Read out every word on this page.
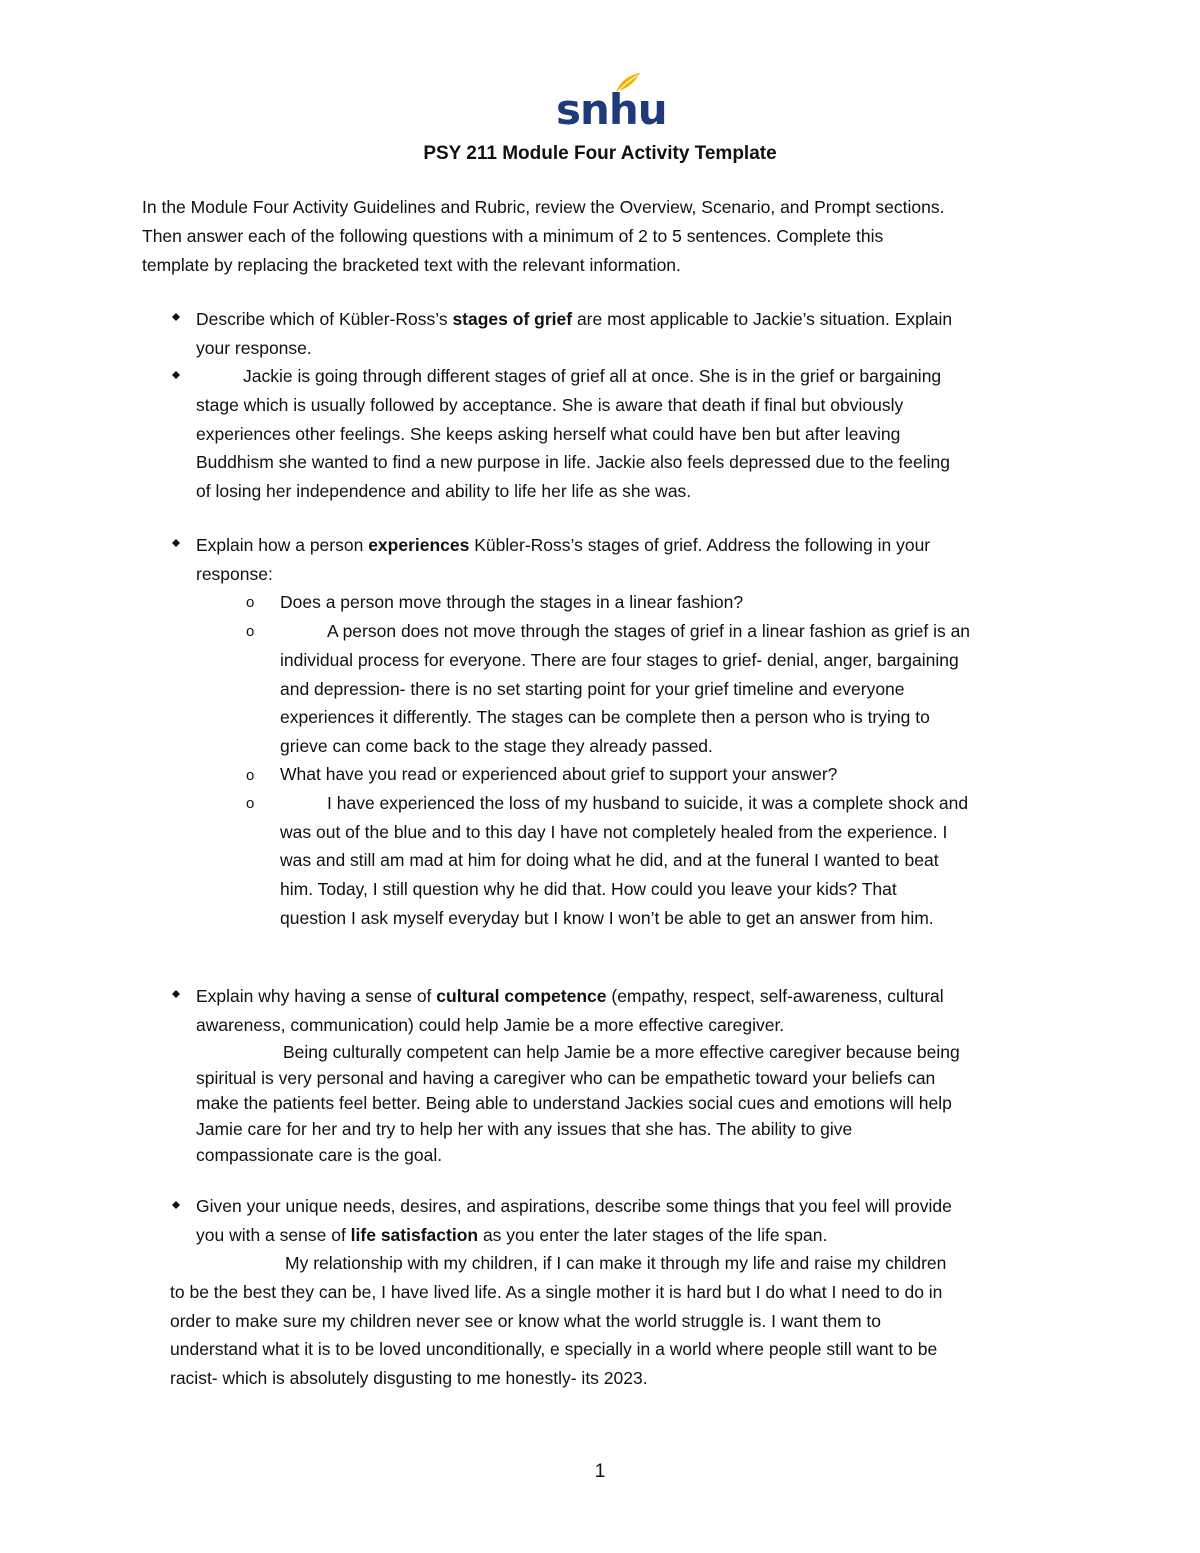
snhu
PSY 211 Module Four Activity Template

In the Module Four Activity Guidelines and Rubric, review the Overview, Scenario, and Prompt sections.

Then answer each of the following questions with a minimum of 2 to 5 sentences. Complete this

template by replacing the bracketed text with the relevant information.

Describe which of Kübler-Ross’s stages of grief are most applicable to Jackie’s situation. Explain

your response.

Jackie is going through different stages of grief all at once. She is in the grief or bargaining

stage which is usually followed by acceptance. She is aware that death if final but obviously

experiences other feelings. She keeps asking herself what could have ben but after leaving

Buddhism she wanted to find a new purpose in life. Jackie also feels depressed due to the feeling

of losing her independence and ability to life her life as she was.

Explain how a person experiences Kübler-Ross’s stages of grief. Address the following in your

response:

o Does a person move through the stages in a linear fashion?

o	A person does not move through the stages of grief in a linear fashion as grief is an

individual process for everyone. There are four stages to grief- denial, anger, bargaining

and depression- there is no set starting point for your grief timeline and everyone

experiences it differently. The stages can be complete then a person who is trying to

grieve can come back to the stage they already passed.

o What have you read or experienced about grief to support your answer?

o	I have experienced the loss of my husband to suicide, it was a complete shock and

was out of the blue and to this day I have not completely healed from the experience. I

was and still am mad at him for doing what he did, and at the funeral I wanted to beat

him. Today, I still question why he did that. How could you leave your kids? That

question I ask myself everyday but I know I won’t be able to get an answer from him.

Explain why having a sense of cultural competence (empathy, respect, self-awareness, cultural

awareness, communication) could help Jamie be a more effective caregiver.

Being culturally competent can help Jamie be a more effective caregiver because being

spiritual is very personal and having a caregiver who can be empathetic toward your beliefs can

make the patients feel better. Being able to understand Jackies social cues and emotions will help

Jamie care for her and try to help her with any issues that she has. The ability to give

compassionate care is the goal.

Given your unique needs, desires, and aspirations, describe some things that you feel will provide

you with a sense of life satisfaction as you enter the later stages of the life span.

My relationship with my children, if I can make it through my life and raise my children

to be the best they can be, I have lived life. As a single mother it is hard but I do what I need to do in

order to make sure my children never see or know what the world struggle is. I want them to

understand what it is to be loved unconditionally, e specially in a world where people still want to be

racist- which is absolutely disgusting to me honestly- its 2023.

1
